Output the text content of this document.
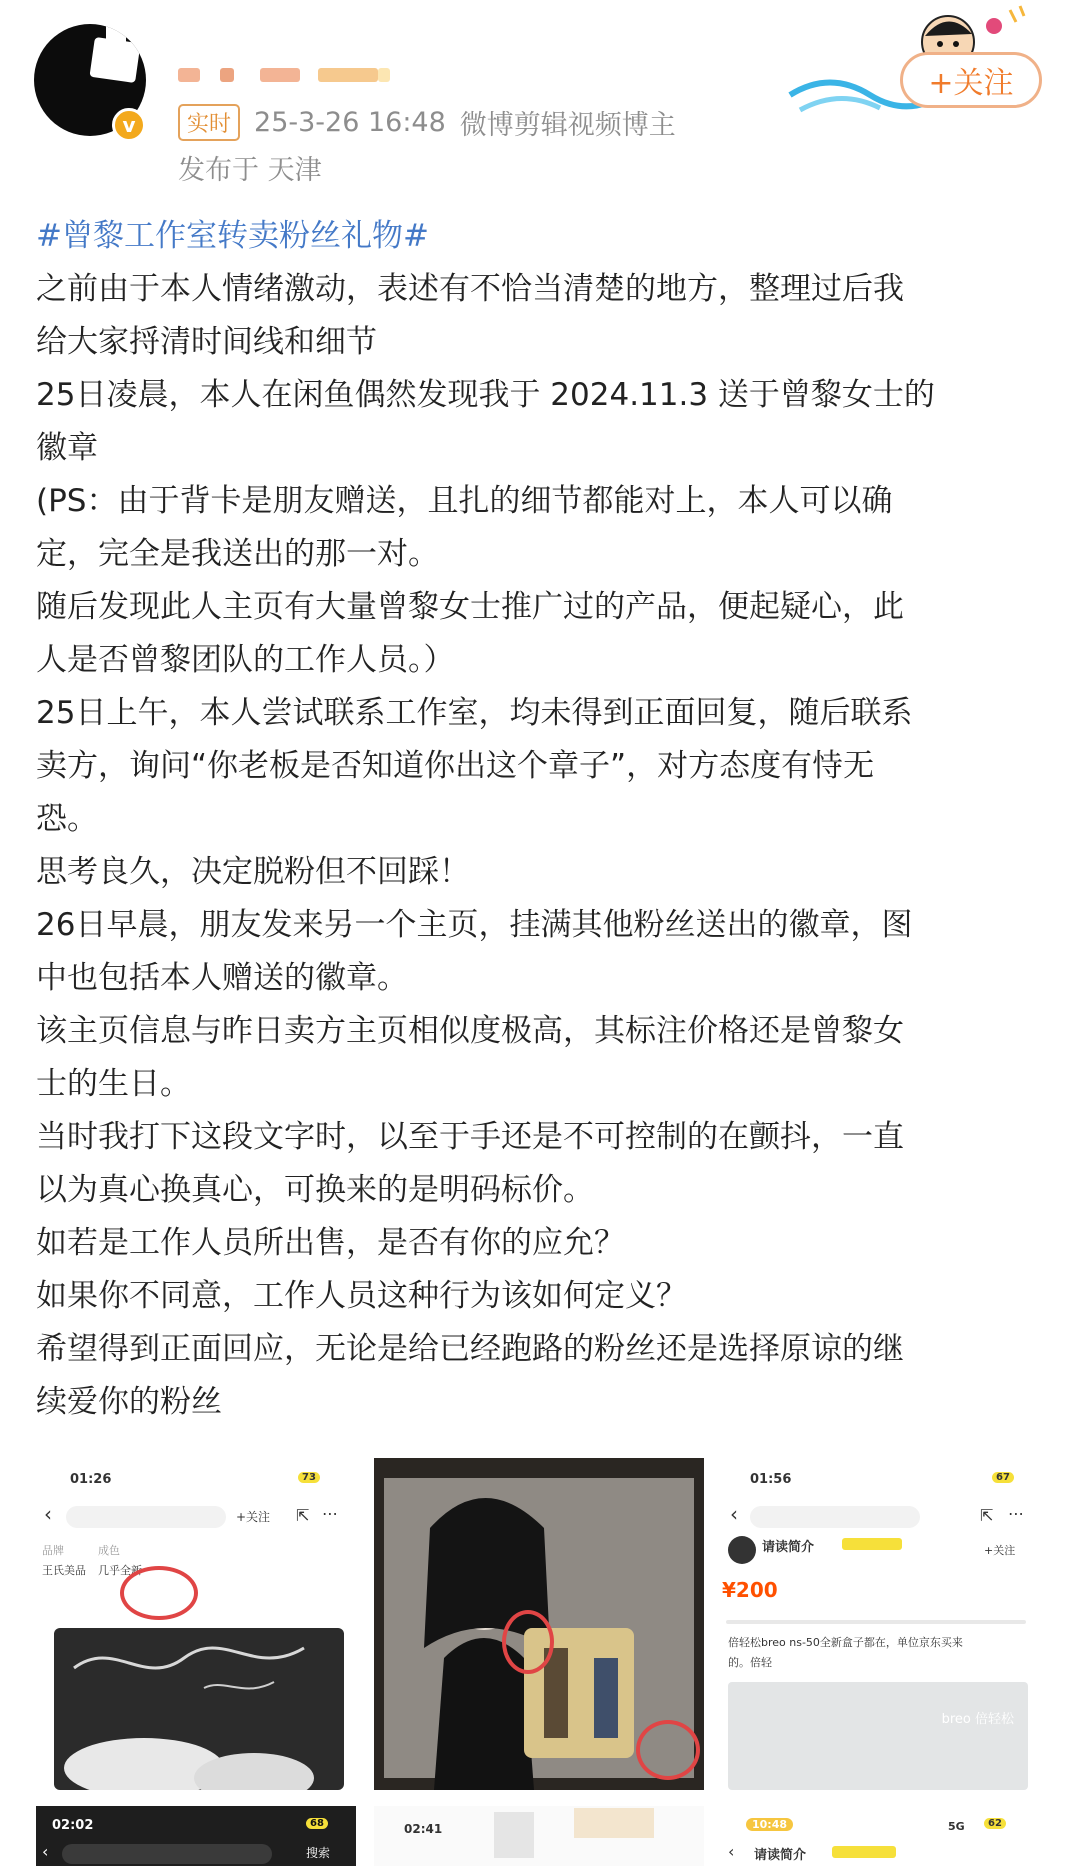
v	实时 25-3-26 16:48 微博剪辑视频博主
发布于 天津
+关注

#曾黎工作室转卖粉丝礼物#

之前由于本人情绪激动，表述有不恰当清楚的地方，整理过后我

给大家捋清时间线和细节

25日凌晨，本人在闲鱼偶然发现我于 2024.11.3 送于曾黎女士的

徽章

(PS：由于背卡是朋友赠送，且扎的细节都能对上，本人可以确

定，完全是我送出的那一对。

随后发现此人主页有大量曾黎女士推广过的产品，便起疑心，此

人是否曾黎团队的工作人员。）

25日上午，本人尝试联系工作室，均未得到正面回复，随后联系

卖方，询问“你老板是否知道你出这个章子”，对方态度有恃无

恐。

思考良久，决定脱粉但不回踩！

26日早晨，朋友发来另一个主页，挂满其他粉丝送出的徽章，图

中也包括本人赠送的徽章。

该主页信息与昨日卖方主页相似度极高，其标注价格还是曾黎女

士的生日。

当时我打下这段文字时，以至于手还是不可控制的在颤抖，一直

以为真心换真心，可换来的是明码标价。

如若是工作人员所出售，是否有你的应允？

如果你不同意，工作人员这种行为该如何定义？

希望得到正面回应，无论是给已经跑路的粉丝还是选择原谅的继

续爱你的粉丝

01:26	73
‹	+关注 ⇱ ⋯
品牌	成色
王氏美品 几乎全新
01:56	67
‹	⇱ ⋯
请读简介	+关注
¥200
倍轻松breo ns-50全新盒子都在，单位京东买来
的。倍轻
breo 倍轻松
02:02	68
‹	搜索
02:41	10:48	5G	62
‹ 请读简介
